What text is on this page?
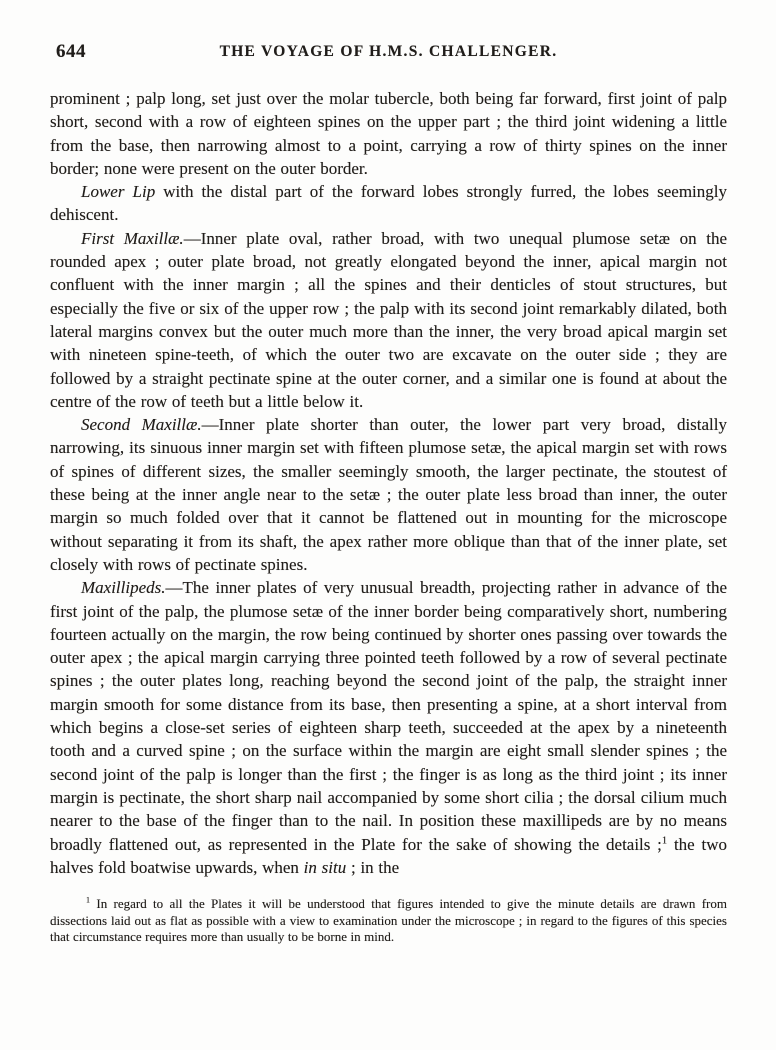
644	THE VOYAGE OF H.M.S. CHALLENGER.

prominent ; palp long, set just over the molar tubercle, both being far forward, first joint of palp short, second with a row of eighteen spines on the upper part ; the third joint widening a little from the base, then narrowing almost to a point, carrying a row of thirty spines on the inner border; none were present on the outer border.

Lower Lip with the distal part of the forward lobes strongly furred, the lobes seemingly dehiscent.

First Maxillæ.—Inner plate oval, rather broad, with two unequal plumose setæ on the rounded apex ; outer plate broad, not greatly elongated beyond the inner, apical margin not confluent with the inner margin ; all the spines and their denticles of stout structures, but especially the five or six of the upper row ; the palp with its second joint remarkably dilated, both lateral margins convex but the outer much more than the inner, the very broad apical margin set with nineteen spine-teeth, of which the outer two are excavate on the outer side ; they are followed by a straight pectinate spine at the outer corner, and a similar one is found at about the centre of the row of teeth but a little below it.

Second Maxillæ.—Inner plate shorter than outer, the lower part very broad, distally narrowing, its sinuous inner margin set with fifteen plumose setæ, the apical margin set with rows of spines of different sizes, the smaller seemingly smooth, the larger pectinate, the stoutest of these being at the inner angle near to the setæ ; the outer plate less broad than inner, the outer margin so much folded over that it cannot be flattened out in mounting for the microscope without separating it from its shaft, the apex rather more oblique than that of the inner plate, set closely with rows of pectinate spines.

Maxillipeds.—The inner plates of very unusual breadth, projecting rather in advance of the first joint of the palp, the plumose setæ of the inner border being comparatively short, numbering fourteen actually on the margin, the row being continued by shorter ones passing over towards the outer apex ; the apical margin carrying three pointed teeth followed by a row of several pectinate spines ; the outer plates long, reaching beyond the second joint of the palp, the straight inner margin smooth for some distance from its base, then presenting a spine, at a short interval from which begins a close-set series of eighteen sharp teeth, succeeded at the apex by a nineteenth tooth and a curved spine ; on the surface within the margin are eight small slender spines ; the second joint of the palp is longer than the first ; the finger is as long as the third joint ; its inner margin is pectinate, the short sharp nail accompanied by some short cilia ; the dorsal cilium much nearer to the base of the finger than to the nail. In position these maxillipeds are by no means broadly flattened out, as represented in the Plate for the sake of showing the details ;$^1$ the two halves fold boatwise upwards, when in situ ; in the

$^1$ In regard to all the Plates it will be understood that figures intended to give the minute details are drawn from dissections laid out as flat as possible with a view to examination under the microscope ; in regard to the figures of this species that circumstance requires more than usually to be borne in mind.
